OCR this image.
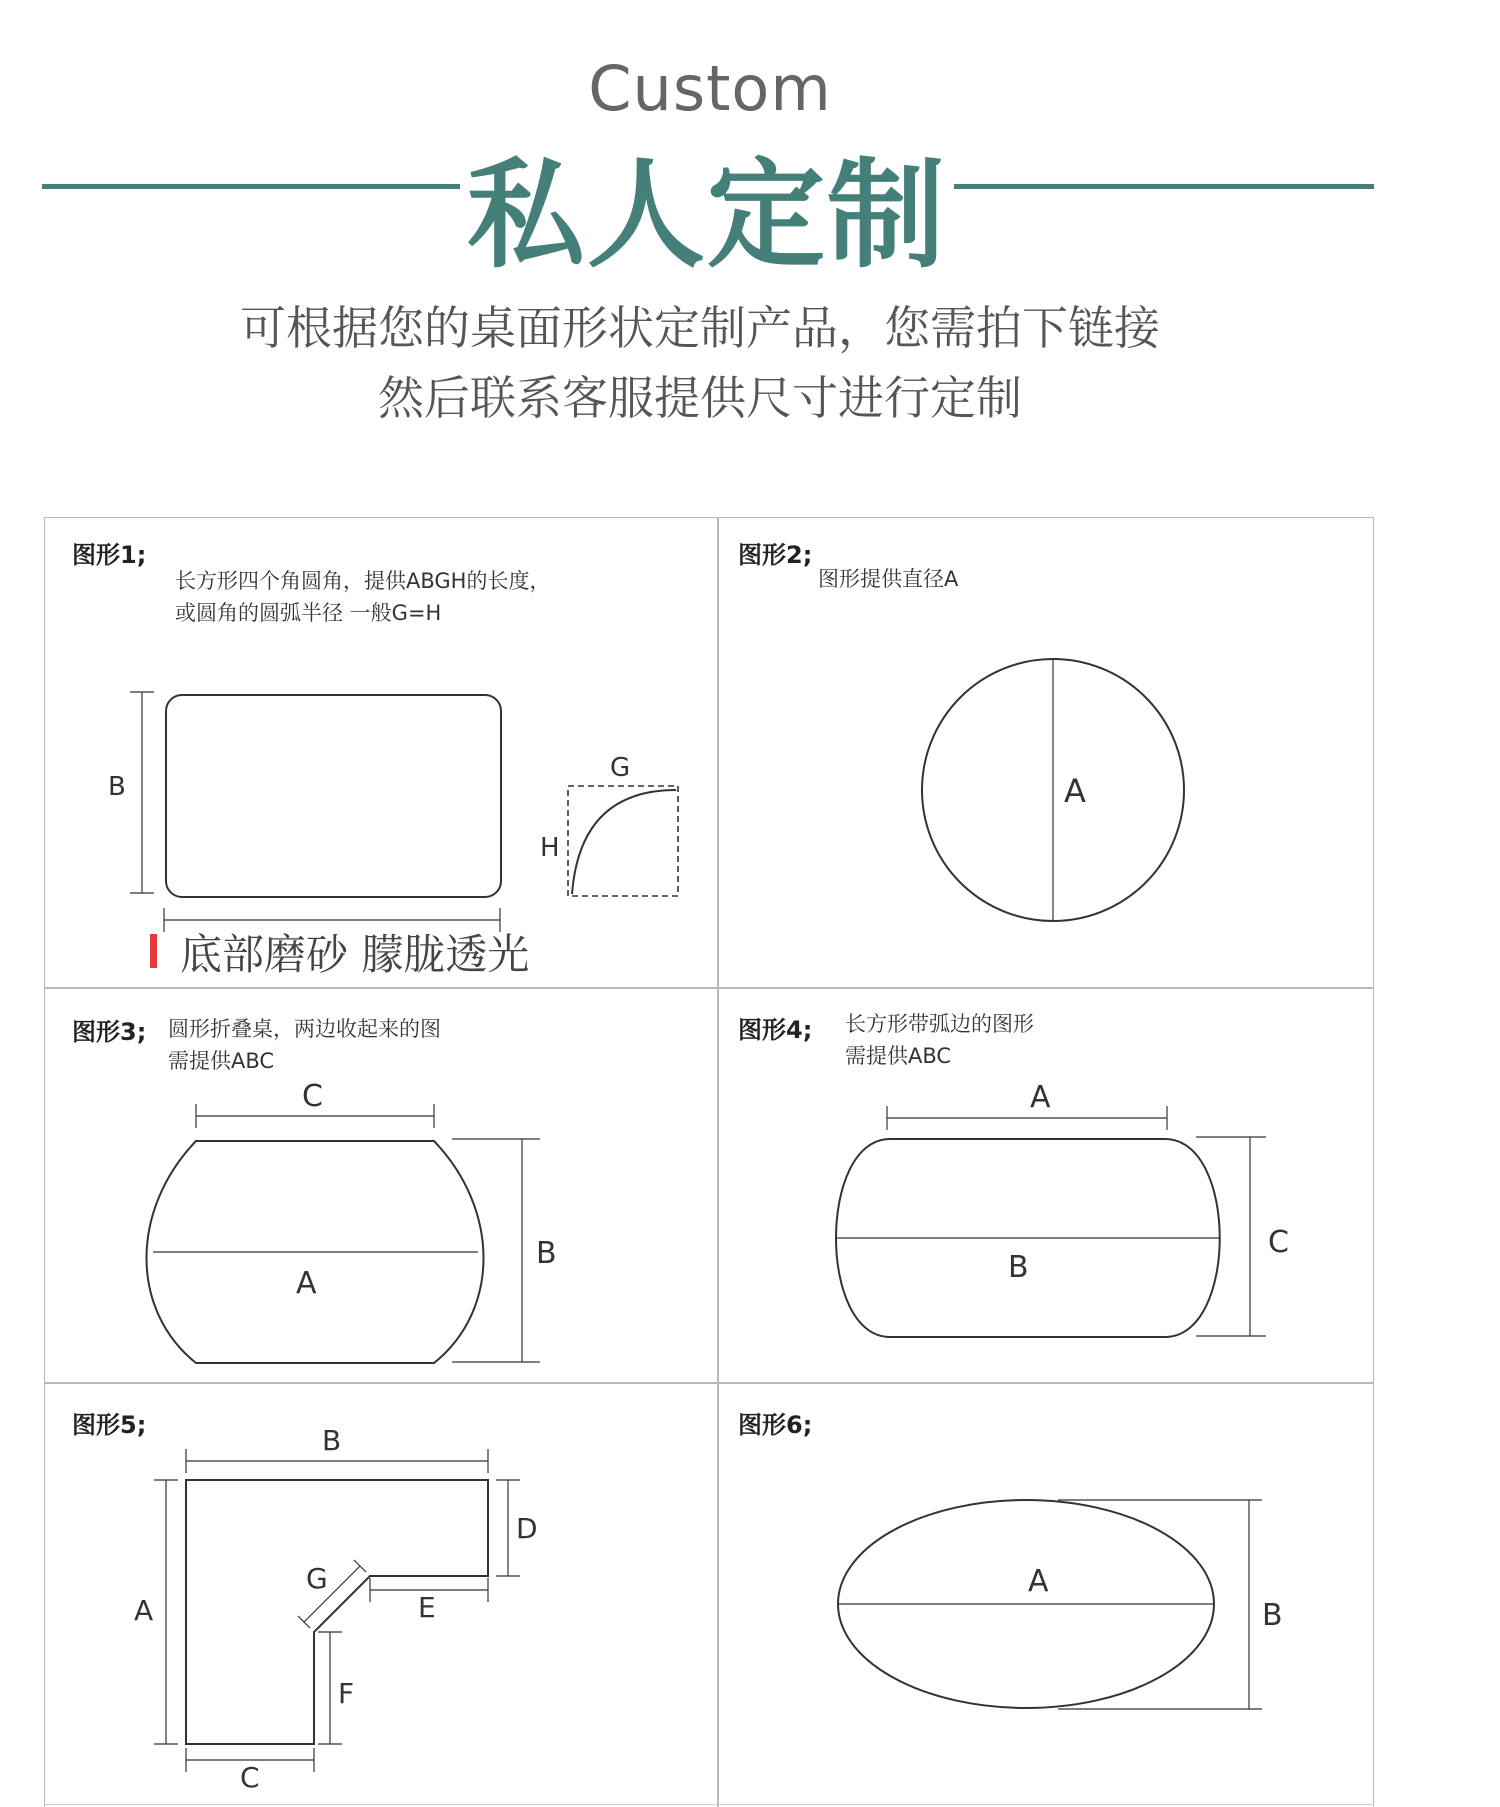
Custom
私人定制
可根据您的桌面形状定制产品，您需拍下链接
然后联系客服提供尺寸进行定制
图形1;
长方形四个角圆角，提供ABGH的长度，
或圆角的圆弧半径 一般G=H
图形2;
图形提供直径A
图形3; 圆形折叠桌，两边收起来的图
需提供ABC
图形4; 长方形带弧边的图形
需提供ABC
图形5;	图形6;
底部磨砂 朦胧透光
B
G
H
A
A
C
B
A
B
C
B
A
D
E
F
C
G	A
B
